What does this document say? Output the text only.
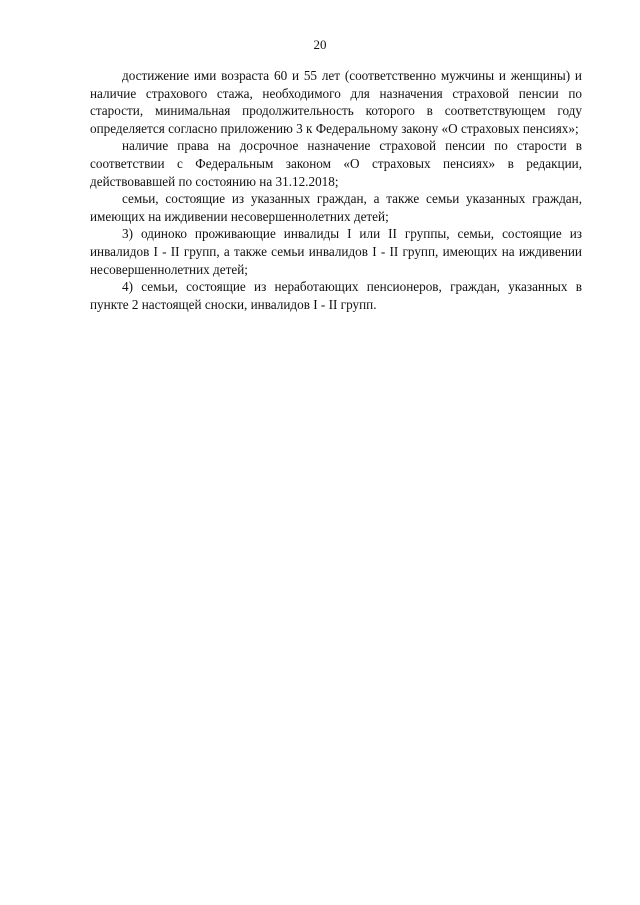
20

достижение ими возраста 60 и 55 лет (соответственно мужчины и женщины) и наличие страхового стажа, необходимого для назначения страховой пенсии по старости, минимальная продолжительность которого в соответствующем году определяется согласно приложению 3 к Федеральному закону «О страховых пенсиях»;

наличие права на досрочное назначение страховой пенсии по старости в соответствии с Федеральным законом «О страховых пенсиях» в редакции, действовавшей по состоянию на 31.12.2018;

семьи, состоящие из указанных граждан, а также семьи указанных граждан, имеющих на иждивении несовершеннолетних детей;

3) одиноко проживающие инвалиды I или II группы, семьи, состоящие из инвалидов I - II групп, а также семьи инвалидов I - II групп, имеющих на иждивении несовершеннолетних детей;

4) семьи, состоящие из неработающих пенсионеров, граждан, указанных в пункте 2 настоящей сноски, инвалидов I - II групп.
